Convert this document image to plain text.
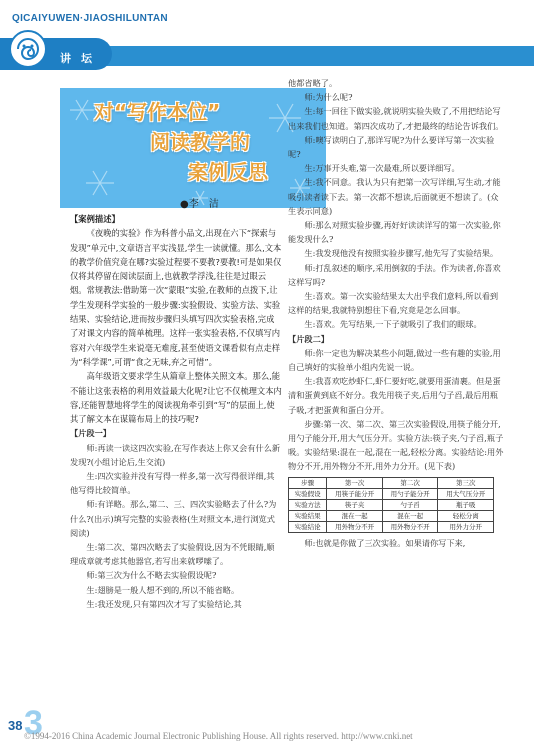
QICAIYUWEN·JIAOSHILUNTAN
讲坛
对“写作本位”
阅读教学的
案例反思
●李　洁

【案例描述】

《夜晚的实验》作为科普小品文,出现在六下“探索与发现”单元中,文章语言平实浅显,学生一读就懂。那么,文本的教学价值究竟在哪?实验过程要不要教?要教!可是如果仅仅将其停留在阅读层面上,也就教学浮浅,往往是过眼云烟。常规教法:借助第一次“蒙眼”实验,在教师的点拨下,让学生发现科学实验的一般步骤:实验假设、实验方法、实验结果、实验结论,进而按步骤归头填写四次实验表格,完成了对课文内容的简单梳理。这样一张实验表格,不仅填写内容对六年级学生来说毫无难度,甚至使语文课看似有点走样为“科学课”,可谓“食之无味,弃之可惜”。

高年级语文要求学生从篇章上整体关照文本。那么,能不能让这张表格的利用效益最大化呢?让它不仅梳理文本内容,还能智慧地将学生的阅读视角牵引到“写”的层面上,使其了解文本在谋篇布局上的技巧呢?

【片段一】

师:再读一读这四次实验,在写作表达上你又会有什么新发现?(小组讨论后,生交流)

生:四次实验并没有写得一样多,第一次写得很详细,其他写得比较简单。

师:有详略。那么,第二、三、四次实验略去了什么?为什么?(出示)填写完整的实验表格(生对照文本,进行浏览式阅读)

生:第二次、第四次略去了实验假设,因为不凭眼睛,顺理成章就考虑其他器官,若写出来就啰嗦了。

师:第三次为什么不略去实验假设呢?

生:翅膀是一般人想不到的,所以不能省略。

生:我还发现,只有第四次才写了实验结论,其

他都省略了。

师:为什么呢?

生:每一回往下做实验,就说明实验失败了,不用把结论写出来我们也知道。第四次成功了,才把最终的结论告诉我们。

师:噢写读明白了,那详写呢?为什么要详写第一次实验呢?

生:万事开头难,第一次最难,所以要详细写。

生:我不同意。我认为只有把第一次写详细,写生动,才能吸引读者读下去。第一次都不想读,后面就更不想读了。(众生表示同意)

师:那么对照实验步骤,再好好读读详写的第一次实验,你能发现什么?

生:我发现他没有按照实验步骤写,他先写了实验结果。

师:打乱叙述的顺序,采用倒叙的手法。作为读者,你喜欢这样写吗?

生:喜欢。第一次实验结果太大出乎我们意料,所以看到这样的结果,我就特别想往下看,究竟是怎么回事。

生:喜欢。先写结果,一下子就吸引了我们的眼球。

【片段二】

师:你一定也为解决某些小问题,做过一些有趣的实验,用自己填好的实验单小组内先说一说。

生:我喜欢吃炒虾仁,虾仁要好吃,就要用蛋清裹。但是蛋清和蛋黄到底不好分。我先用筷子夹,后用勺子舀,最后用瓶子吸,才把蛋黄和蛋白分开。

步骤:第一次、第二次、第三次实验假设,用筷子能分开,用勺子能分开,用大气压分开。实验方法:筷子夹,勺子舀,瓶子吸。实验结果:混在一起,混在一起,轻松分离。实验结论:用外物分不开,用外物分不开,用外力分开。(见下表)

步骤	第一次	第二次	第三次
实验假设	用筷子能分开	用勺子能分开	用大气压分开
实验方法	筷子夹	勺子舀	瓶子吸
实验结果	混在一起	混在一起	轻松分离
实验结论	用外物分不开	用外物分不开	用外力分开

师:也就是你做了三次实验。如果请你写下来,

3
38
©1994-2016 China Academic Journal Electronic Publishing House. All rights reserved. http://www.cnki.net
